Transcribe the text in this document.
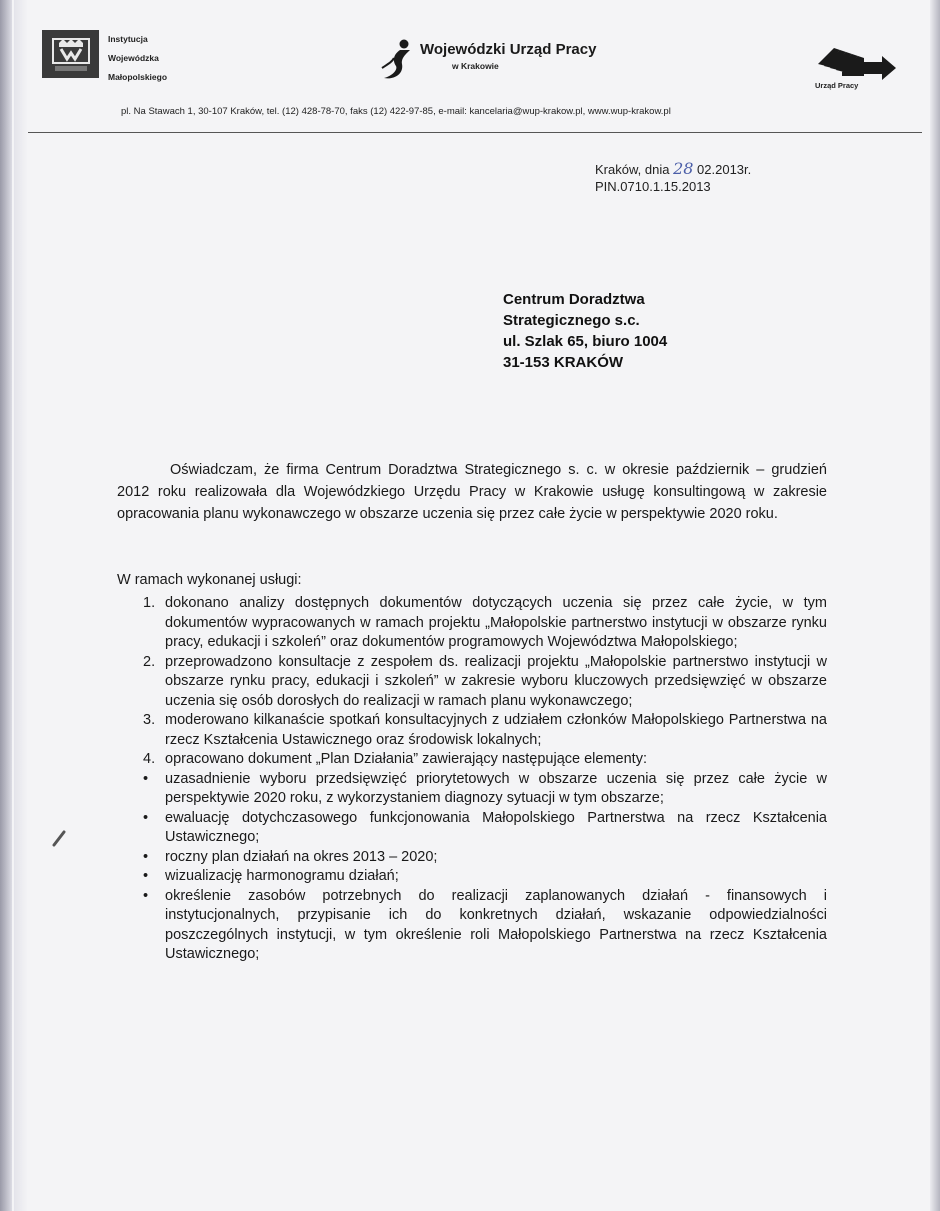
Instytucja
Wojewódzka
Małopolskiego
Wojewódzki Urząd Pracy
w Krakowie
Urząd Pracy
pl. Na Stawach 1, 30-107 Kraków, tel. (12) 428-78-70, faks (12) 422-97-85, e-mail: kancelaria@wup-krakow.pl, www.wup-krakow.pl
Kraków, dnia 28 02.2013r.
PIN.0710.1.15.2013
Centrum Doradztwa
Strategicznego s.c.
ul. Szlak 65, biuro 1004
31-153 KRAKÓW
Oświadczam, że firma Centrum Doradztwa Strategicznego s. c. w okresie październik – grudzień 2012 roku realizowała dla Wojewódzkiego Urzędu Pracy w Krakowie usługę konsultingową w zakresie opracowania planu wykonawczego w obszarze uczenia się przez całe życie w perspektywie 2020 roku.
W ramach wykonanej usługi:
1. dokonano analizy dostępnych dokumentów dotyczących uczenia się przez całe życie, w tym dokumentów wypracowanych w ramach projektu „Małopolskie partnerstwo instytucji w obszarze rynku pracy, edukacji i szkoleń” oraz dokumentów programowych Województwa Małopolskiego;
2. przeprowadzono konsultacje z zespołem ds. realizacji projektu „Małopolskie partnerstwo instytucji w obszarze rynku pracy, edukacji i szkoleń” w zakresie wyboru kluczowych przedsięwzięć w obszarze uczenia się osób dorosłych do realizacji w ramach planu wykonawczego;
3. moderowano kilkanaście spotkań konsultacyjnych z udziałem członków Małopolskiego Partnerstwa na rzecz Kształcenia Ustawicznego oraz środowisk lokalnych;
4. opracowano dokument „Plan Działania” zawierający następujące elementy:
•	uzasadnienie wyboru przedsięwzięć priorytetowych w obszarze uczenia się przez całe życie w perspektywie 2020 roku, z wykorzystaniem diagnozy sytuacji w tym obszarze;
•	ewaluację dotychczasowego funkcjonowania Małopolskiego Partnerstwa na rzecz Kształcenia Ustawicznego;
•	roczny plan działań na okres 2013 – 2020;
•	wizualizację harmonogramu działań;
•	określenie zasobów potrzebnych do realizacji zaplanowanych działań - finansowych i instytucjonalnych, przypisanie ich do konkretnych działań, wskazanie odpowiedzialności poszczególnych instytucji, w tym określenie roli Małopolskiego Partnerstwa na rzecz Kształcenia Ustawicznego;
